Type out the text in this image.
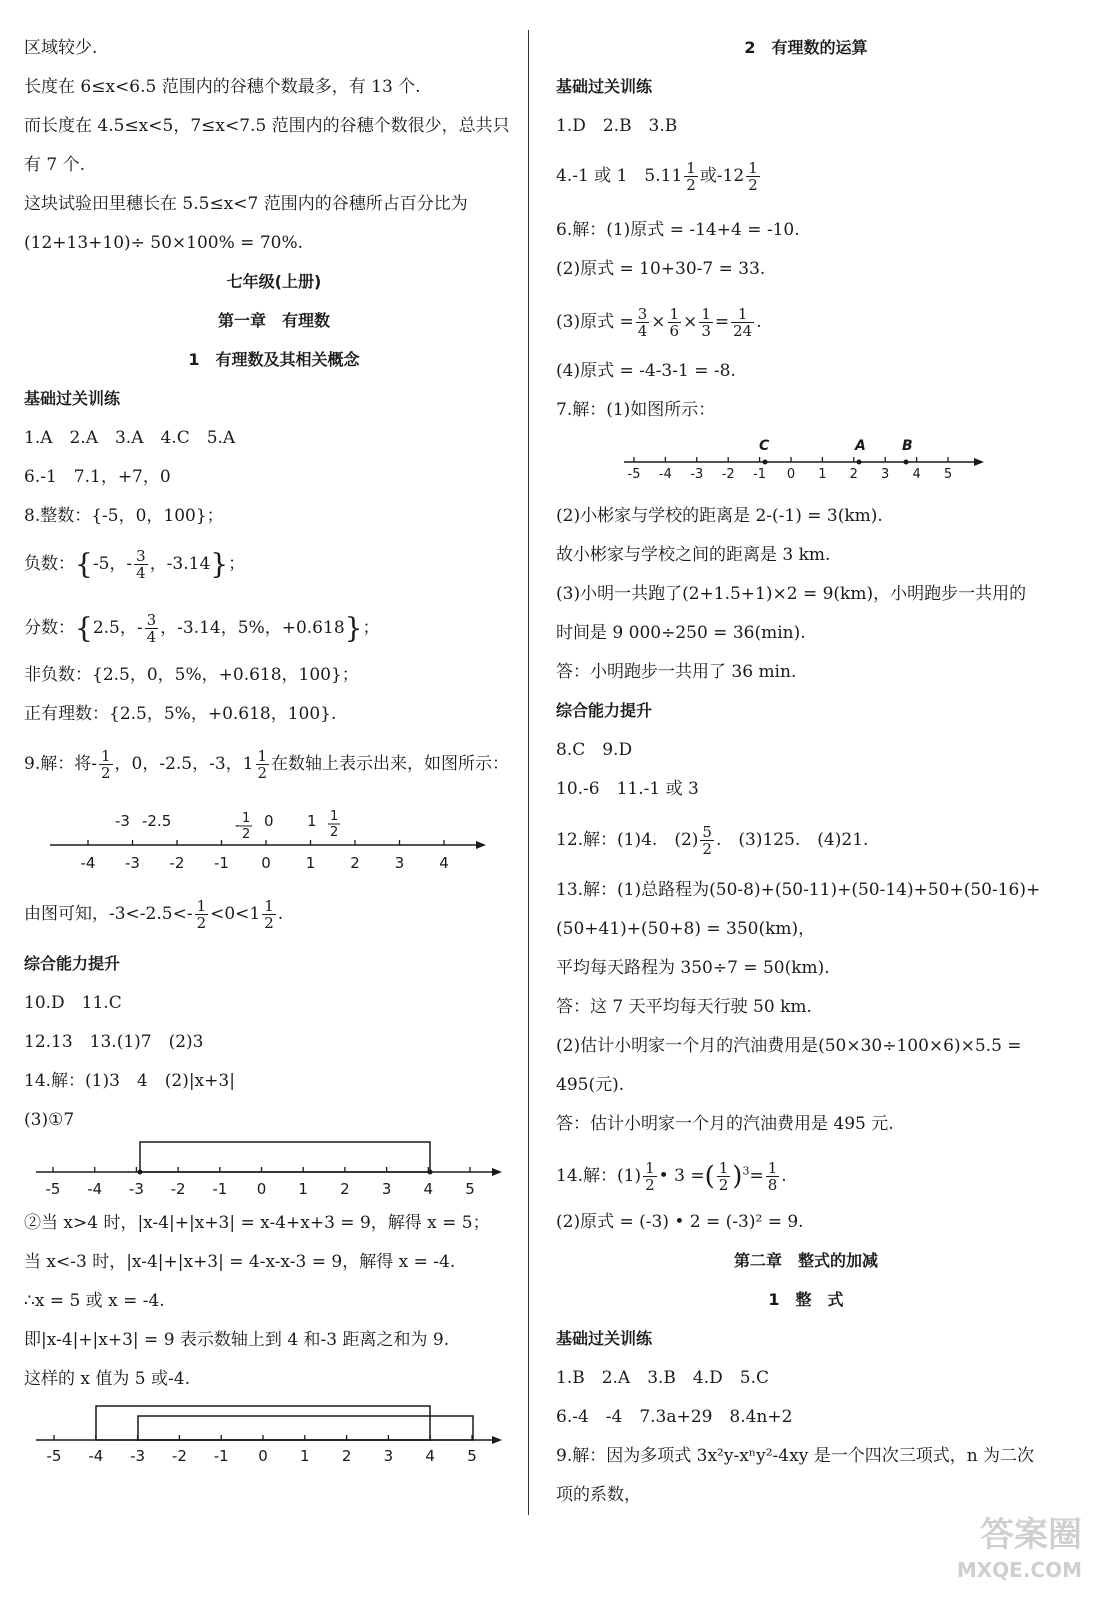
区域较少.
长度在 6≤x<6.5 范围内的谷穗个数最多，有 13 个.
而长度在 4.5≤x<5，7≤x<7.5 范围内的谷穗个数很少，总共只
有 7 个.
这块试验田里穗长在 5.5≤x<7 范围内的谷穗所占百分比为
(12+13+10)÷ 50×100% = 70%.
七年级(上册)
第一章　有理数
1　有理数及其相关概念
基础过关训练
1.A　2.A　3.A　4.C　5.A
6.-1　7.1，+7，0
8.整数：{-5，0，100}；
负数：{-5，- $\frac{3}{4}$ ，-3.14}；
分数：{2.5，- $\frac{3}{4}$ ，-3.14，5%，+0.618}；
非负数：{2.5，0，5%，+0.618，100}；
正有理数：{2.5，5%，+0.618，100}.
9.解：将- $\frac{1}{2}$ ，0，-2.5，-3，$1 \frac{1}{2}$ 在数轴上表示出来，如图所示：
-4 -3 -2 -1 0 1 2 3 4
-3 -2.5	- 1
2
0 1 1
2
由图可知，$-3<-2.5<- \frac{1}{2} <0<1 \frac{1}{2}$ .
综合能力提升
10.D　11.C
12.13　13.(1)7　(2)3
14.解：(1)3　4　(2)|x+3|
(3)①7
-5 -4 -3 -2 -1 0 1 2 3 4 5
②当 x>4 时，|x-4|+|x+3| = x-4+x+3 = 9，解得 x = 5；
当 x<-3 时，|x-4|+|x+3| = 4-x-x-3 = 9，解得 x = -4.
∴x = 5 或 x = -4.
即|x-4|+|x+3| = 9 表示数轴上到 4 和-3 距离之和为 9.
这样的 x 值为 5 或-4.
-5 -4 -3 -2 -1 0 1 2 3 4 5
2　有理数的运算
基础过关训练
1.D　2.B　3.B
4.-1 或 1　$5.11 \frac{1}{2}$ 或$-12 \frac{1}{2}$
6.解：(1)原式 = -14+4 = -10.
(2)原式 = 10+30-7 = 33.
(3)原式 = $\frac{3}{4} \times \frac{1}{6} \times \frac{1}{3} = \frac{1}{24}$ .
(4)原式 = -4-3-1 = -8.
7.解：(1)如图所示：
C	A	B
-5 -4 -3 -2 -1 0 1 2 3 4 5
(2)小彬家与学校的距离是 2-(-1) = 3(km).
故小彬家与学校之间的距离是 3 km.
(3)小明一共跑了(2+1.5+1)×2 = 9(km)，小明跑步一共用的
时间是 9 000÷250 = 36(min).
答：小明跑步一共用了 36 min.
综合能力提升
8.C　9.D
10.-6　11.-1 或 3
12.解：(1)4.　$(2) \frac{5}{2}$ .　(3)125.　(4)21.
13.解：(1)总路程为(50-8)+(50-11)+(50-14)+50+(50-16)+
(50+41)+(50+8) = 350(km)，
平均每天路程为 350÷7 = 50(km).
答：这 7 天平均每天行驶 50 km.
(2)估计小明家一个月的汽油费用是(50×30÷100×6)×5.5 =
495(元).
答：估计小明家一个月的汽油费用是 495 元.
14.解：$(1) \frac{1}{2}$ • 3 =( $\frac{1}{2} )^3= \frac{1}{8}$ .
(2)原式 = (-3) • 2 = (-3)² = 9.
第二章　整式的加减
1　整　式
基础过关训练
1.B　2.A　3.B　4.D　5.C
6.-4　-4　7.3a+29　8.4n+2
9.解：因为多项式 3x²y-xⁿy²-4xy 是一个四次三项式，n 为二次
项的系数，
答案圈
MXQE.COM
